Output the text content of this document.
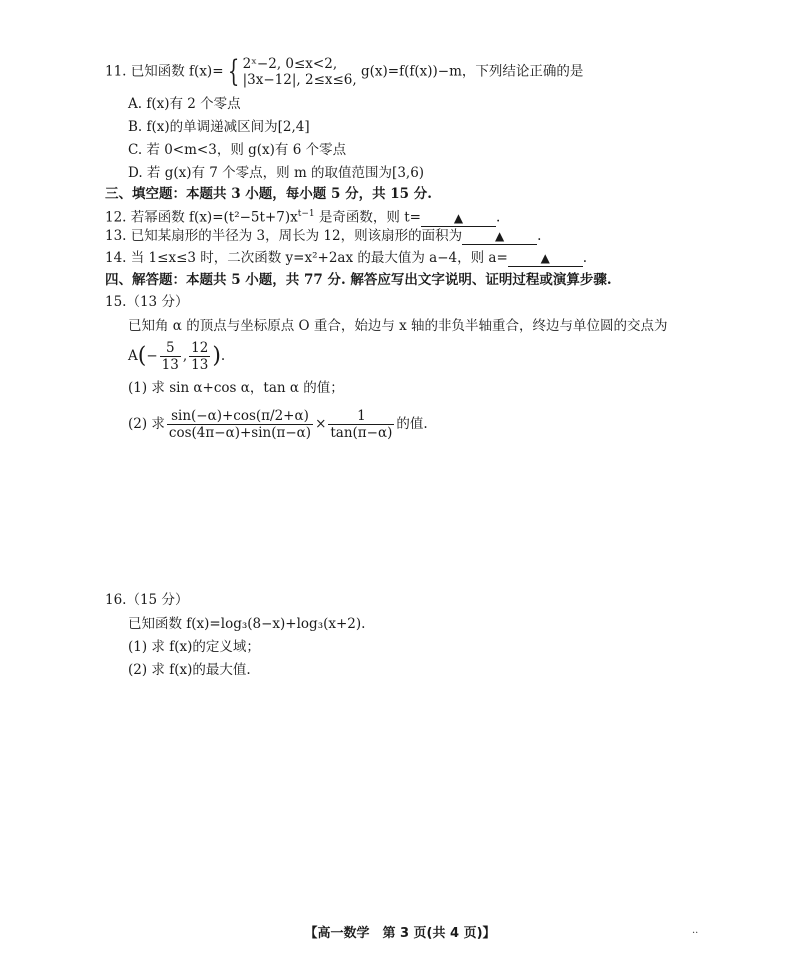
11. 已知函数 f(x)= { 2ˣ−2, 0≤x<2,
|3x−12|, 2≤x≤6,
g(x)=f(f(x))−m，下列结论正确的是
A. f(x)有 2 个零点
B. f(x)的单调递减区间为[2,4]
C. 若 0<m<3，则 g(x)有 6 个零点
D. 若 g(x)有 7 个零点，则 m 的取值范围为[3,6)
三、填空题：本题共 3 小题，每小题 5 分，共 15 分.
12. 若幂函数 $f(x)=(t^2-5t+7)x^{t-1}$ 是奇函数，则 t=	▲ .
13. 已知某扇形的半径为 3，周长为 12，则该扇形的面积为	▲ .
14. 当 1≤x≤3 时，二次函数 y=x²+2ax 的最大值为 a−4，则 a=	▲ .
四、解答题：本题共 5 小题，共 77 分. 解答应写出文字说明、证明过程或演算步骤.
15.（13 分）
已知角 α 的顶点与坐标原点 O 重合，始边与 x 轴的非负半轴重合，终边与单位圆的交点为
$A(- \frac{5}{13}$ , $\frac{12}{13}$ ).
(1) 求 sin α+cos α，tan α 的值；
(2) 求 $\frac{\sin(-\alpha)+\cos(\pi/2+\alpha)}{\cos(4\pi-\alpha)+\sin(\pi-\alpha)} \times \frac{1}{\tan(\pi-\alpha)}$ 的值.
16.（15 分）
已知函数 f(x)=log₃(8−x)+log₃(x+2).
(1) 求 f(x)的定义域；
(2) 求 f(x)的最大值.
【高一数学　第 3 页(共 4 页)】	··
